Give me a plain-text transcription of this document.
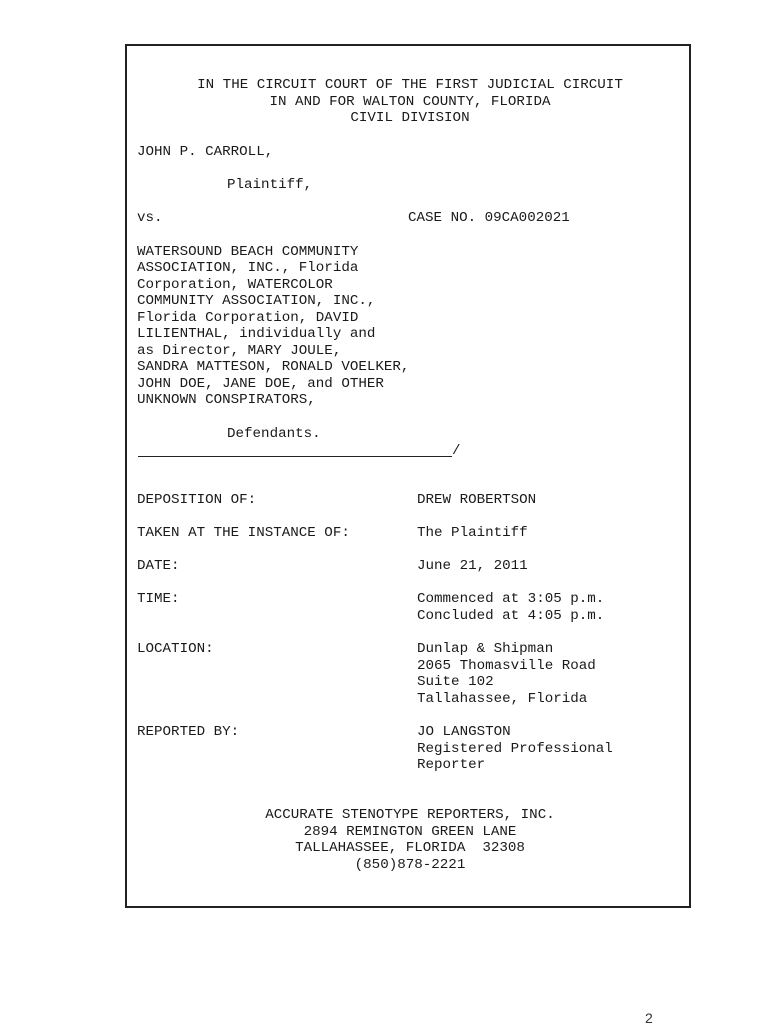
IN THE CIRCUIT COURT OF THE FIRST JUDICIAL CIRCUIT

IN AND FOR WALTON COUNTY, FLORIDA

CIVIL DIVISION

JOHN P. CARROLL,

Plaintiff,

vs.	CASE NO. 09CA002021

WATERSOUND BEACH COMMUNITY

ASSOCIATION, INC., Florida

Corporation, WATERCOLOR

COMMUNITY ASSOCIATION, INC.,

Florida Corporation, DAVID

LILIENTHAL, individually and

as Director, MARY JOULE,

SANDRA MATTESON, RONALD VOELKER,

JOHN DOE, JANE DOE, and OTHER

UNKNOWN CONSPIRATORS,

Defendants.

/

DEPOSITION OF:	DREW ROBERTSON

TAKEN AT THE INSTANCE OF:	The Plaintiff

DATE:	June 21, 2011

TIME:	Commenced at 3:05 p.m.

Concluded at 4:05 p.m.

LOCATION:	Dunlap & Shipman

2065 Thomasville Road

Suite 102

Tallahassee, Florida

REPORTED BY:	JO LANGSTON

Registered Professional

Reporter

ACCURATE STENOTYPE REPORTERS, INC.

2894 REMINGTON GREEN LANE

TALLAHASSEE, FLORIDA  32308

(850)878-2221

2
